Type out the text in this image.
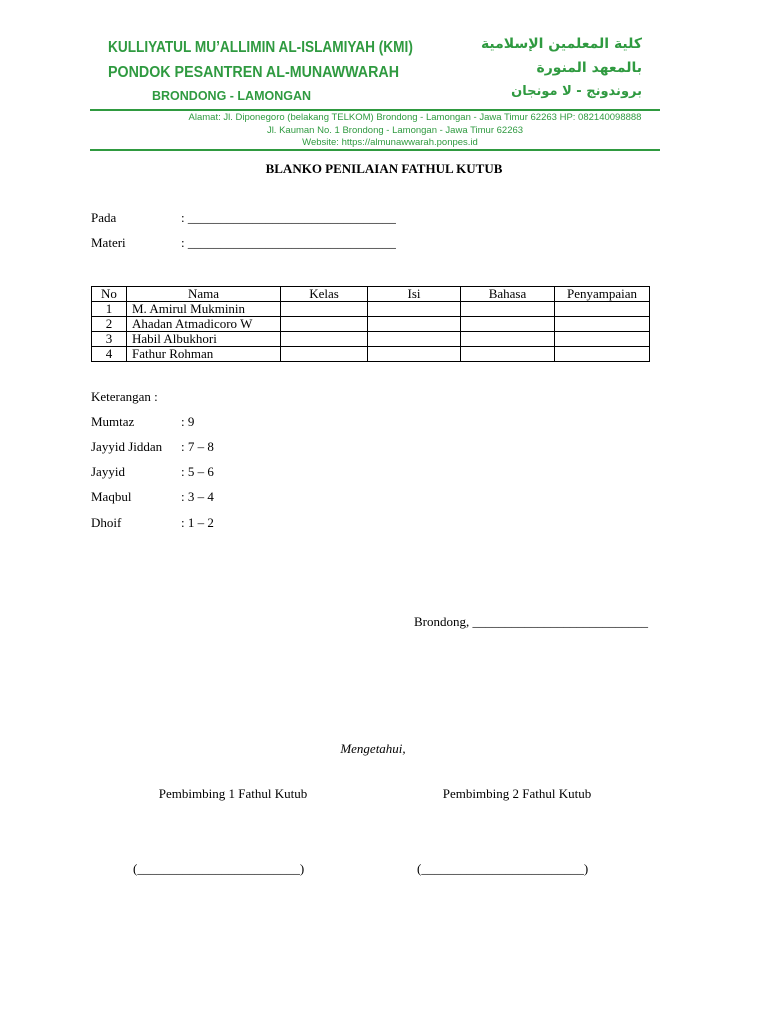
KULLIYATUL MU’ALLIMIN AL-ISLAMIYAH (KMI)
PONDOK PESANTREN AL-MUNAWWARAH
BRONDONG - LAMONGAN
كلية المعلمين الإسلامية
بالمعهد المنورة
بروندونج - لا مونجان
Alamat: Jl. Diponegoro (belakang TELKOM) Brondong - Lamongan - Jawa Timur 62263 HP: 082140098888
Jl. Kauman No. 1 Brondong - Lamongan - Jawa Timur 62263
Website: https://almunawwarah.ponpes.id
BLANKO PENILAIAN FATHUL KUTUB
Pada	: ________________________________
Materi	: ________________________________
No	Nama	Kelas	Isi	Bahasa	Penyampaian
1	M. Amirul Mukminin				
2	Ahadan Atmadicoro W				
3	Habil Albukhori				
4	Fathur Rohman				
Keterangan :
Mumtaz	: 9
Jayyid Jiddan : 7 – 8
Jayyid	: 5 – 6
Maqbul	: 3 – 4
Dhoif	: 1 – 2
Brondong, ___________________________
Mengetahui,
Pembimbing 1 Fathul Kutub	Pembimbing 2 Fathul Kutub
(_________________________)	(_________________________)
